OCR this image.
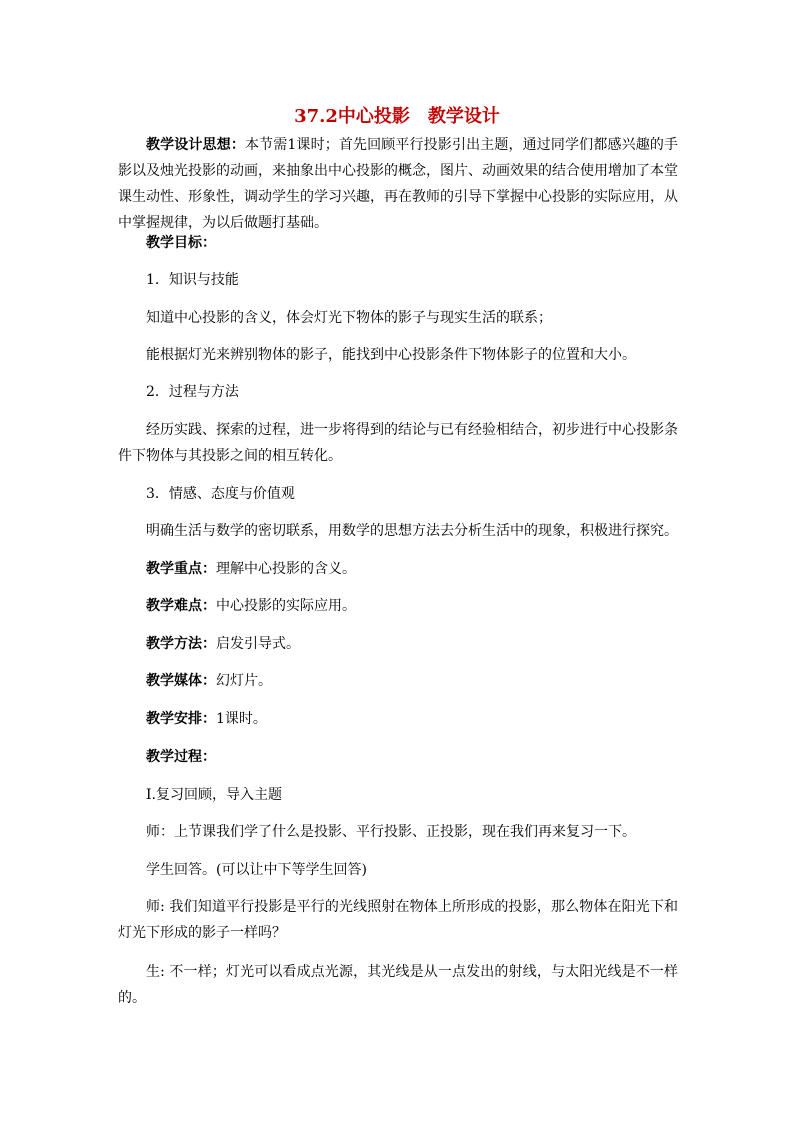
37.2中心投影　教学设计

教学设计思想：本节需1课时；首先回顾平行投影引出主题，通过同学们都感兴趣的手影以及烛光投影的动画，来抽象出中心投影的概念，图片、动画效果的结合使用增加了本堂课生动性、形象性，调动学生的学习兴趣，再在教师的引导下掌握中心投影的实际应用，从中掌握规律，为以后做题打基础。

教学目标：

1．知识与技能

知道中心投影的含义，体会灯光下物体的影子与现实生活的联系；

能根据灯光来辨别物体的影子，能找到中心投影条件下物体影子的位置和大小。

2．过程与方法

经历实践、探索的过程，进一步将得到的结论与已有经验相结合，初步进行中心投影条件下物体与其投影之间的相互转化。

3．情感、态度与价值观

明确生活与数学的密切联系，用数学的思想方法去分析生活中的现象，积极进行探究。

教学重点：理解中心投影的含义。

教学难点：中心投影的实际应用。

教学方法：启发引导式。

教学媒体：幻灯片。

教学安排：1课时。

教学过程：

Ⅰ.复习回顾，导入主题

师：上节课我们学了什么是投影、平行投影、正投影，现在我们再来复习一下。

学生回答。(可以让中下等学生回答)

师: 我们知道平行投影是平行的光线照射在物体上所形成的投影，那么物体在阳光下和灯光下形成的影子一样吗？

生: 不一样；灯光可以看成点光源，其光线是从一点发出的射线，与太阳光线是不一样的。
